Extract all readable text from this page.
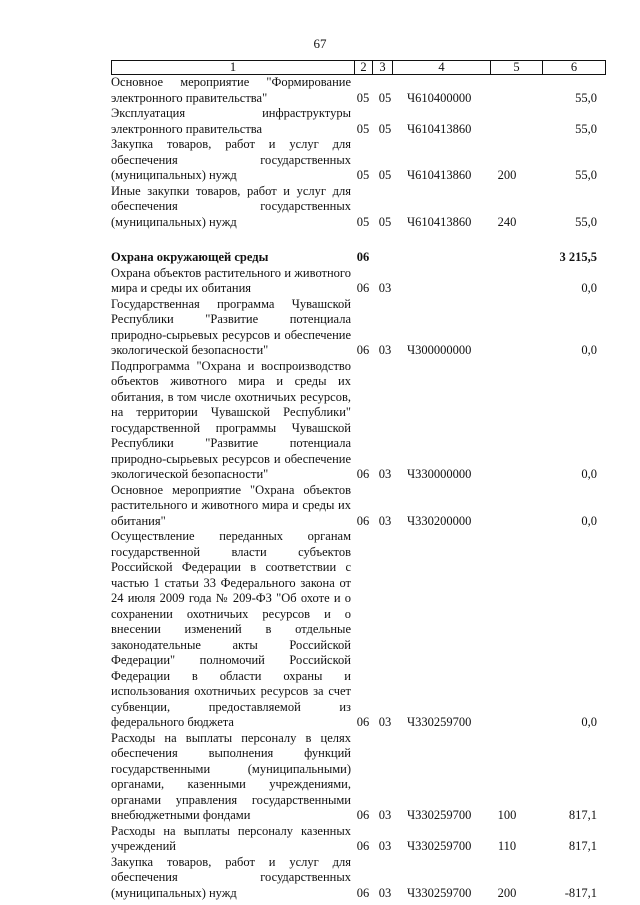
67
1	2	3	4	5	6
Основное мероприятие "Формирование электронного правительства"	05 05	Ч610400000	55,0
Эксплуатация инфраструктуры электронного правительства	05 05	Ч610413860	55,0
Закупка товаров, работ и услуг для обеспечения государственных (муниципальных) нужд	05 05	Ч610413860	200	55,0
Иные закупки товаров, работ и услуг для обеспечения государственных (муниципальных) нужд	05 05	Ч610413860	240	55,0
Охрана окружающей среды	06	3 215,5
Охрана объектов растительного и животного мира и среды их обитания	06 03	0,0
Государственная программа Чувашской Республики "Развитие потенциала природно-сырьевых ресурсов и обеспечение экологической безопасности"	06 03	Ч300000000	0,0
Подпрограмма "Охрана и воспроизводство объектов животного мира и среды их обитания, в том числе охотничьих ресурсов, на территории Чувашской Республики" государственной программы Чувашской Республики "Развитие потенциала природно-сырьевых ресурсов и обеспечение экологической безопасности"	06 03	Ч330000000	0,0
Основное мероприятие "Охрана объектов растительного и животного мира и среды их обитания"	06 03	Ч330200000	0,0
Осуществление переданных органам государственной власти субъектов Российской Федерации в соответствии с частью 1 статьи 33 Федерального закона от 24 июля 2009 года № 209-ФЗ "Об охоте и о сохранении охотничьих ресурсов и о внесении изменений в отдельные законодательные акты Российской Федерации" полномочий Российской Федерации в области охраны и использования охотничьих ресурсов за счет субвенции, предоставляемой из федерального бюджета	06 03	Ч330259700	0,0
Расходы на выплаты персоналу в целях обеспечения выполнения функций государственными (муниципальными) органами, казенными учреждениями, органами управления государственными внебюджетными фондами	06 03	Ч330259700	100	817,1
Расходы на выплаты персоналу казенных учреждений	06 03	Ч330259700	110	817,1
Закупка товаров, работ и услуг для обеспечения государственных (муниципальных) нужд	06 03	Ч330259700	200	-817,1
